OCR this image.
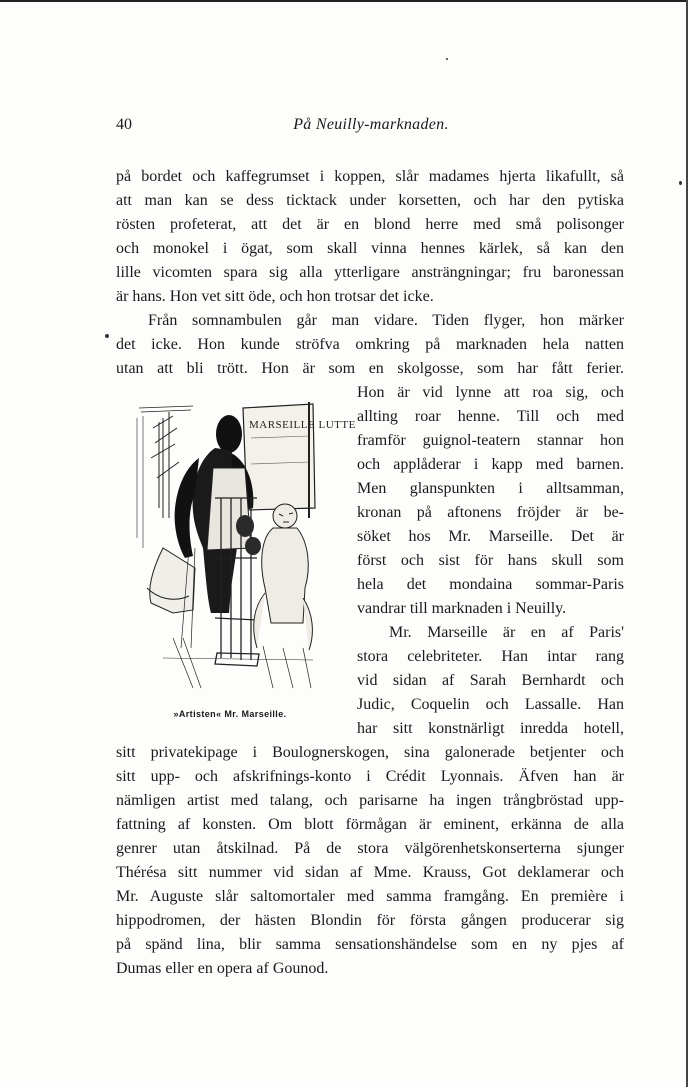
40	På Neuilly-marknaden.
på bordet och kaffegrumset i koppen, slår madames hjerta likafullt, så
att man kan se dess ticktack under korsetten, och har den pytiska
rösten profeterat, att det är en blond herre med små polisonger
och monokel i ögat, som skall vinna hennes kärlek, så kan den
lille vicomten spara sig alla ytterligare ansträngningar; fru baronessan
är hans. Hon vet sitt öde, och hon trotsar det icke.
Från somnambulen går man vidare. Tiden flyger, hon märker
det icke. Hon kunde ströfva omkring på marknaden hela natten
utan att bli trött. Hon är som en skolgosse, som har fått ferier.
Hon är vid lynne att roa sig, och
allting roar henne. Till och med
framför guignol-teatern stannar hon
och applåderar i kapp med barnen.
Men glanspunkten i alltsamman,
kronan på aftonens fröjder är be-
söket hos Mr. Marseille. Det är
först och sist för hans skull som
hela det mondaina sommar-Paris
vandrar till marknaden i Neuilly.
Mr. Marseille är en af Paris'
stora celebriteter. Han intar rang
vid sidan af Sarah Bernhardt och
Judic, Coquelin och Lassalle. Han
har sitt konstnärligt inredda hotell,
sitt privatekipage i Boulognerskogen, sina galonerade betjenter och
sitt upp- och afskrifnings-konto i Crédit Lyonnais. Äfven han är
nämligen artist med talang, och parisarne ha ingen trångbröstad upp-
fattning af konsten. Om blott förmågan är eminent, erkänna de alla
genrer utan åtskilnad. På de stora välgörenhetskonserterna sjunger
Thérésa sitt nummer vid sidan af Mme. Krauss, Got deklamerar och
Mr. Auguste slår saltomortaler med samma framgång. En première i
hippodromen, der hästen Blondin för första gången producerar sig
på spänd lina, blir samma sensationshändelse som en ny pjes af
Dumas eller en opera af Gounod.
MARSEILLE LUTTE
»Artisten« Mr. Marseille.
